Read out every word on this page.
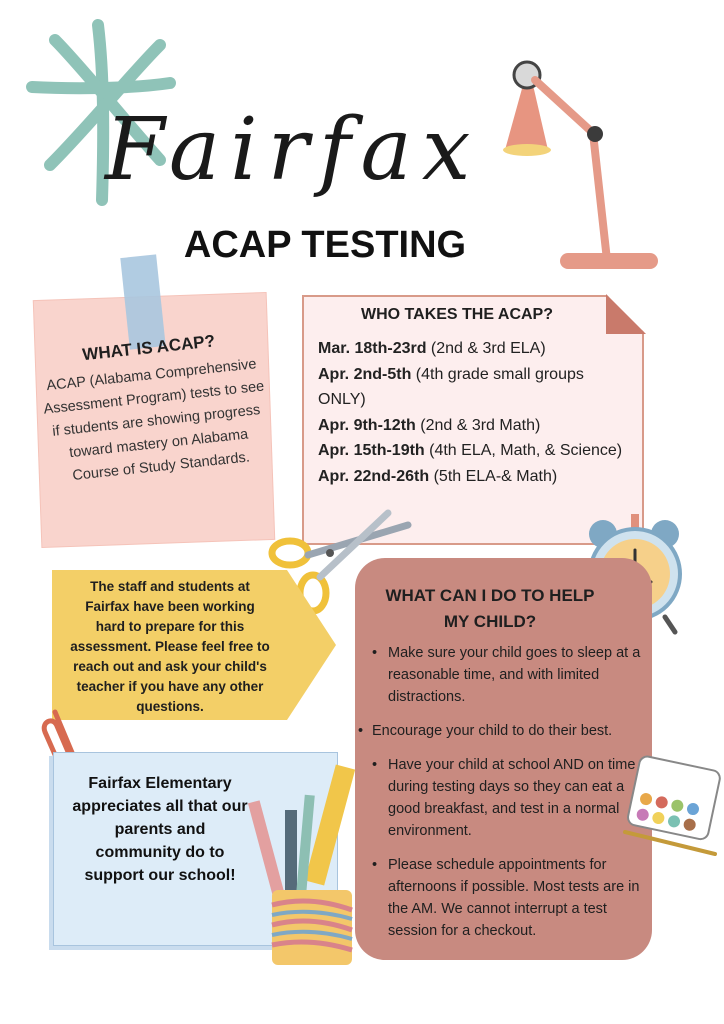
Fairfax
ACAP TESTING
WHAT IS ACAP?
ACAP (Alabama Comprehensive Assessment Program) tests to see if students are showing progress toward mastery on Alabama Course of Study Standards.
WHO TAKES THE ACAP?
Mar. 18th-23rd (2nd & 3rd ELA)
Apr. 2nd-5th (4th grade small groups ONLY)
Apr. 9th-12th (2nd & 3rd Math)
Apr. 15th-19th (4th ELA, Math, & Science)
Apr. 22nd-26th (5th ELA-& Math)
The staff and students at Fairfax have been working hard to prepare for this assessment. Please feel free to reach out and ask your child's teacher if you have any other questions.
WHAT CAN I DO TO HELP MY CHILD?
• Make sure your child goes to sleep at a reasonable time, and with limited distractions.
• Encourage your child to do their best.
• Have your child at school AND on time during testing days so they can eat a good breakfast, and test in a normal environment.
• Please schedule appointments for afternoons if possible. Most tests are in the AM. We cannot interrupt a test session for a checkout.
Fairfax Elementary appreciates all that our parents and community do to support our school!
